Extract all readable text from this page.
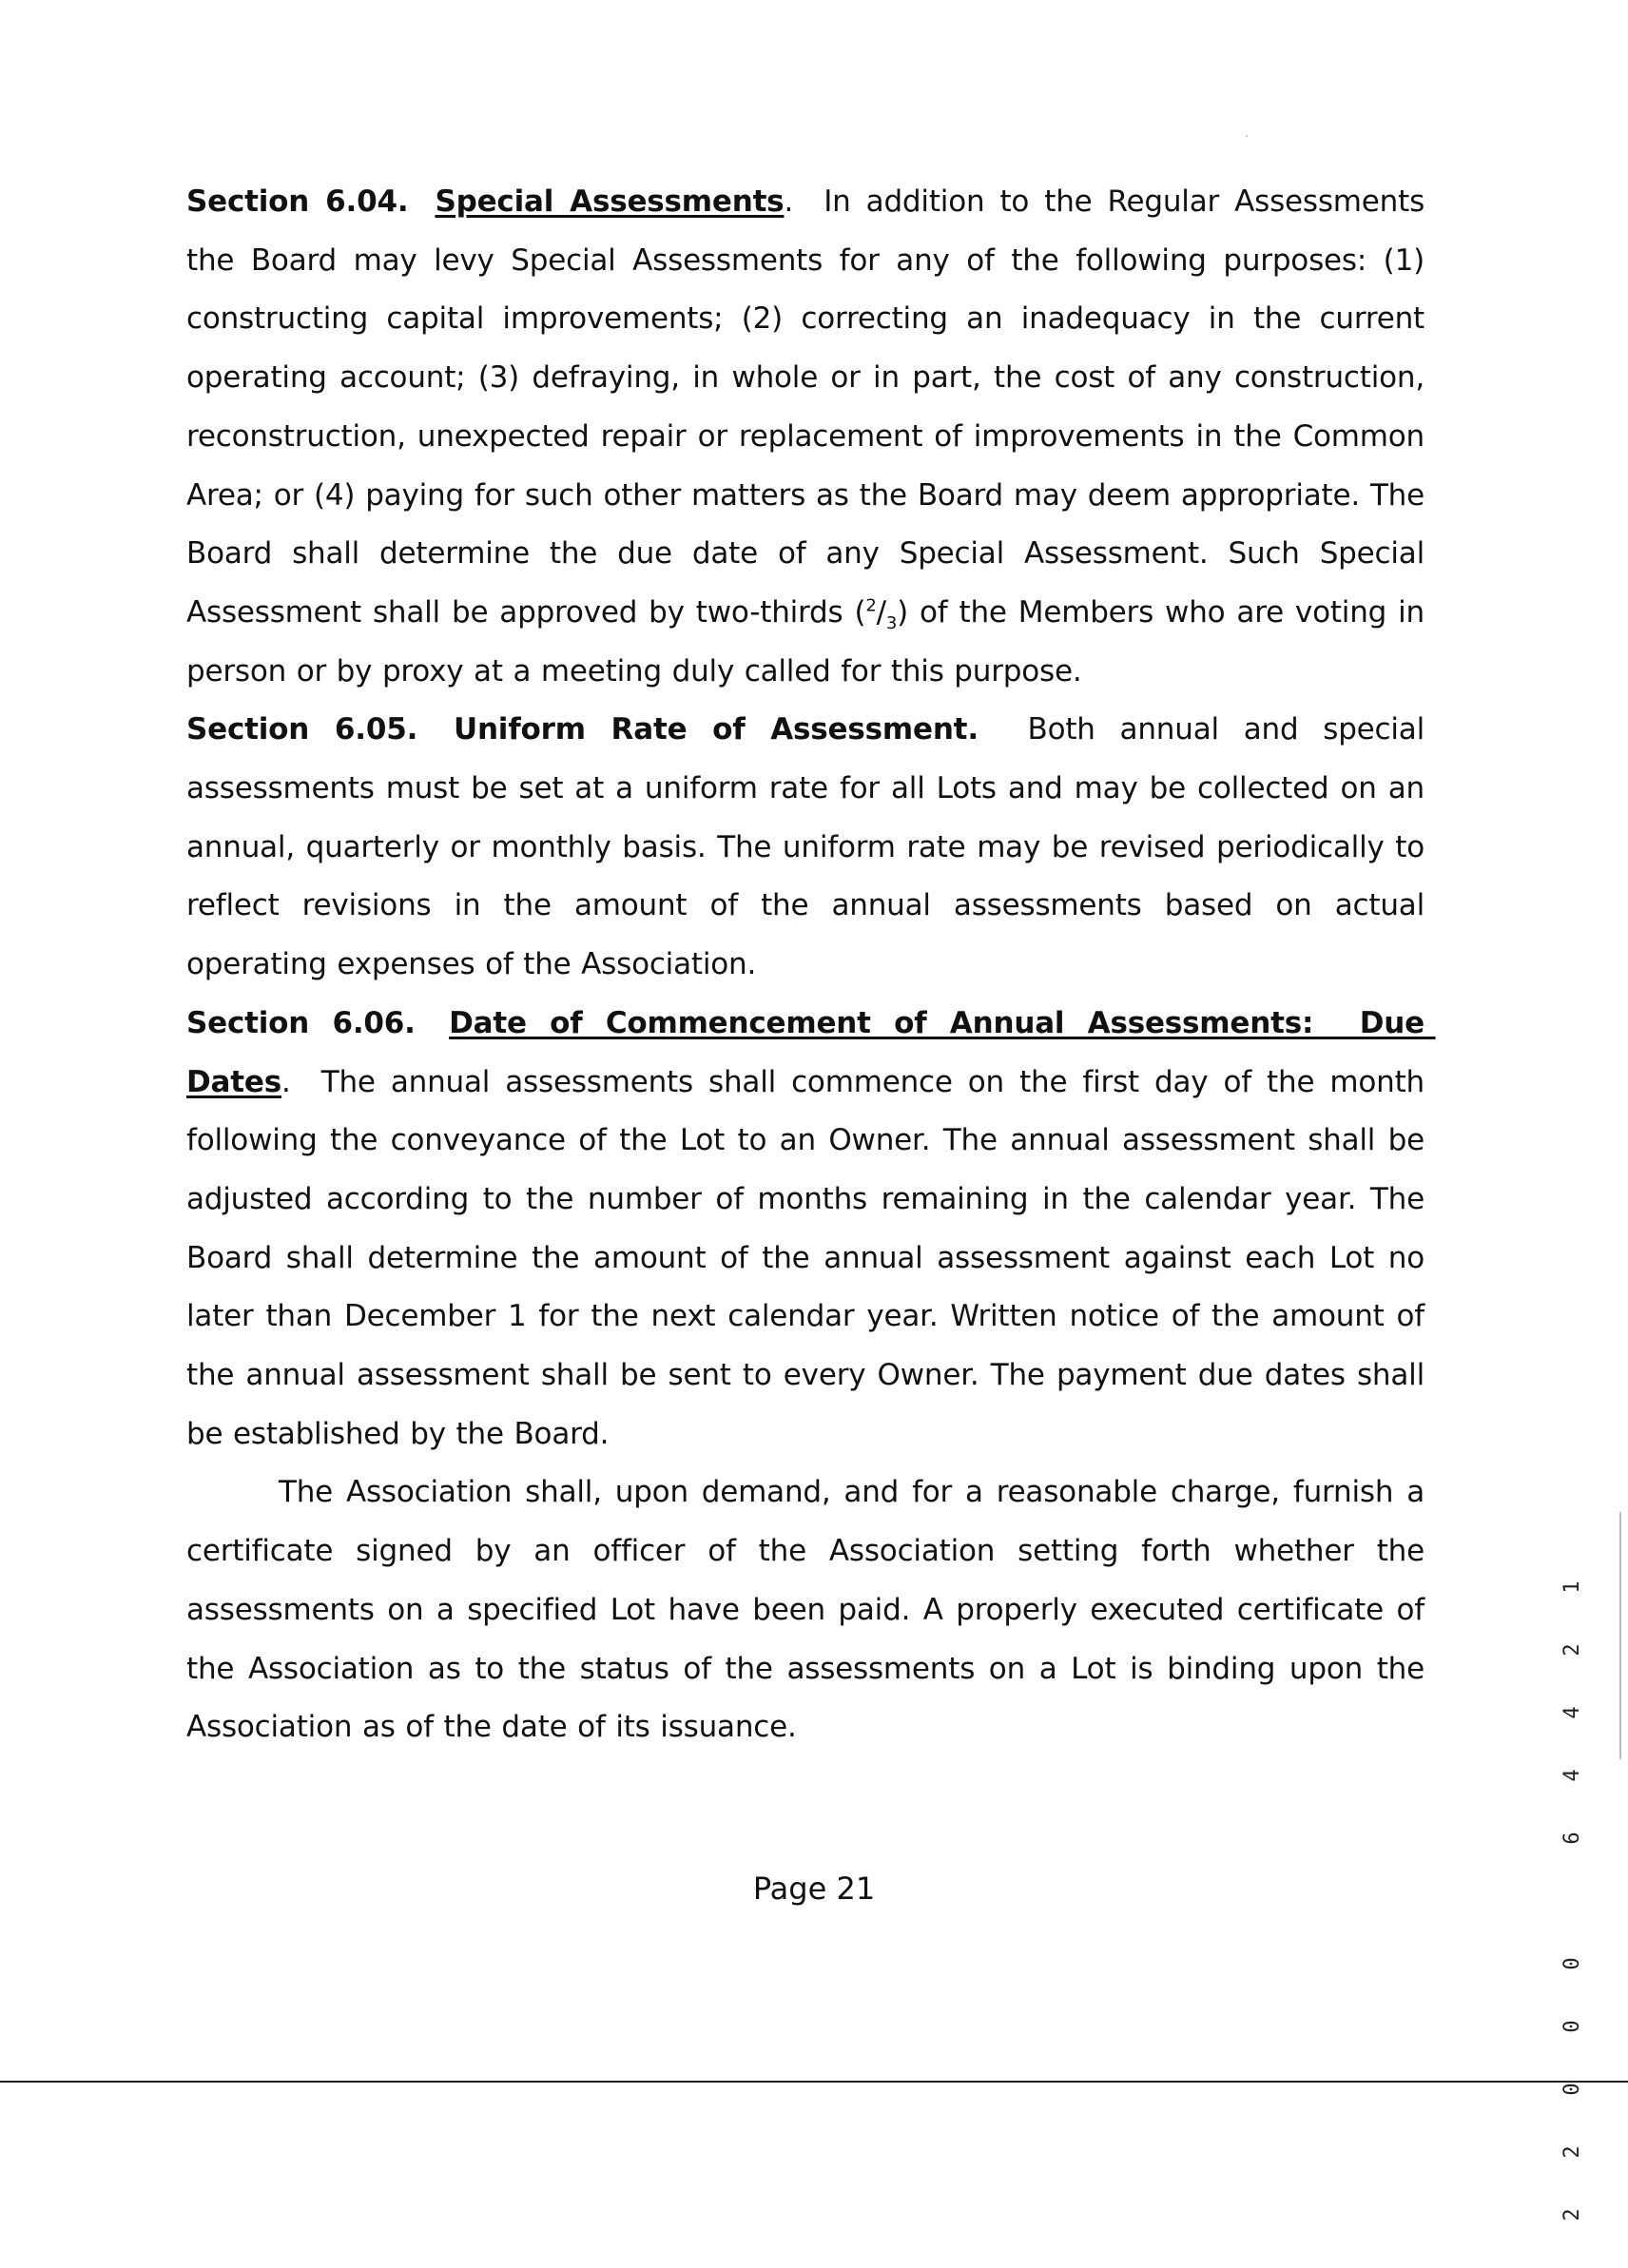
Section 6.04. Special Assessments. In addition to the Regular Assessments the Board may levy Special Assessments for any of the following purposes: (1) constructing capital improvements; (2) correcting an inadequacy in the current operating account; (3) defraying, in whole or in part, the cost of any construction, reconstruction, unexpected repair or replacement of improvements in the Common Area; or (4) paying for such other matters as the Board may deem appropriate. The Board shall determine the due date of any Special Assessment. Such Special Assessment shall be approved by two-thirds $(^2/_3)$ of the Members who are voting in person or by proxy at a meeting duly called for this purpose.

Section 6.05. Uniform Rate of Assessment. Both annual and special assessments must be set at a uniform rate for all Lots and may be collected on an annual, quarterly or monthly basis. The uniform rate may be revised periodically to reflect revisions in the amount of the annual assessments based on actual operating expenses of the Association.

Section 6.06. Date of Commencement of Annual Assessments:  Due Dates. The annual assessments shall commence on the first day of the month following the conveyance of the Lot to an Owner. The annual assessment shall be adjusted according to the number of months remaining in the calendar year. The Board shall determine the amount of the annual assessment against each Lot no later than December 1 for the next calendar year. Written notice of the amount of the annual assessment shall be sent to every Owner. The payment due dates shall be established by the Board.

The Association shall, upon demand, and for a reasonable charge, furnish a certificate signed by an officer of the Association setting forth whether the assessments on a specified Lot have been paid. A properly executed certificate of the Association as to the status of the assessments on a Lot is binding upon the Association as of the date of its issuance.

1

2

4

4

6

0

0

0

2

2

Page 21
